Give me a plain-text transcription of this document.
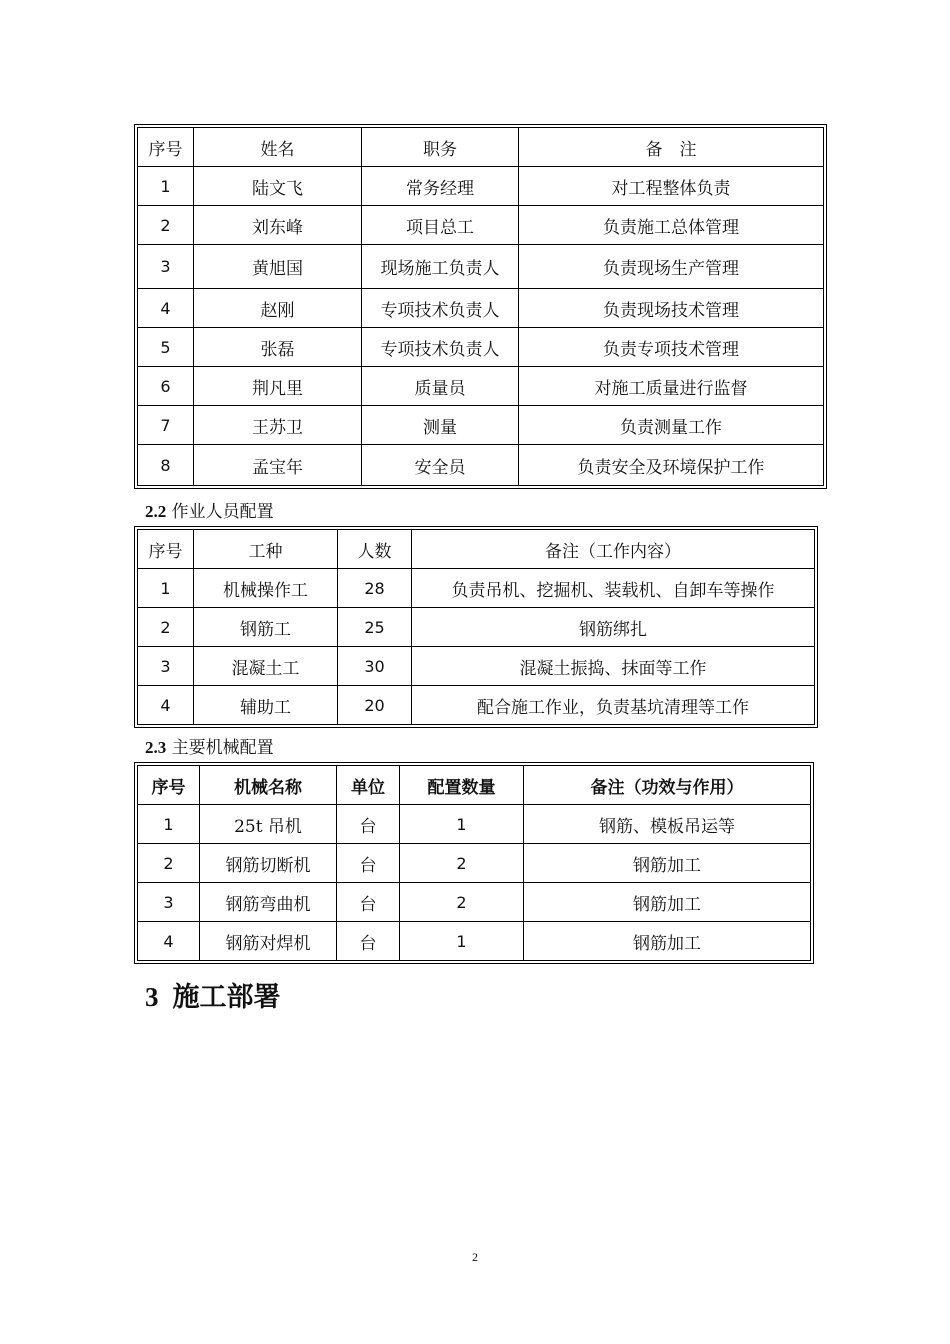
序号	姓名	职务	备　注
1	陆文飞	常务经理	对工程整体负责
2	刘东峰	项目总工	负责施工总体管理
3	黄旭国	现场施工负责人	负责现场生产管理
4	赵刚	专项技术负责人	负责现场技术管理
5	张磊	专项技术负责人	负责专项技术管理
6	荆凡里	质量员	对施工质量进行监督
7	王苏卫	测量	负责测量工作
8	孟宝年	安全员	负责安全及环境保护工作
2.2 作业人员配置
序号	工种	人数	备注（工作内容）
1	机械操作工	28	负责吊机、挖掘机、装载机、自卸车等操作
2	钢筋工	25	钢筋绑扎
3	混凝土工	30	混凝土振捣、抹面等工作
4	辅助工	20	配合施工作业，负责基坑清理等工作
2.3 主要机械配置
序号	机械名称	单位	配置数量	备注（功效与作用）
1	25t 吊机	台	1	钢筋、模板吊运等
2	钢筋切断机	台	2	钢筋加工
3	钢筋弯曲机	台	2	钢筋加工
4	钢筋对焊机	台	1	钢筋加工
3 施工部署
2
